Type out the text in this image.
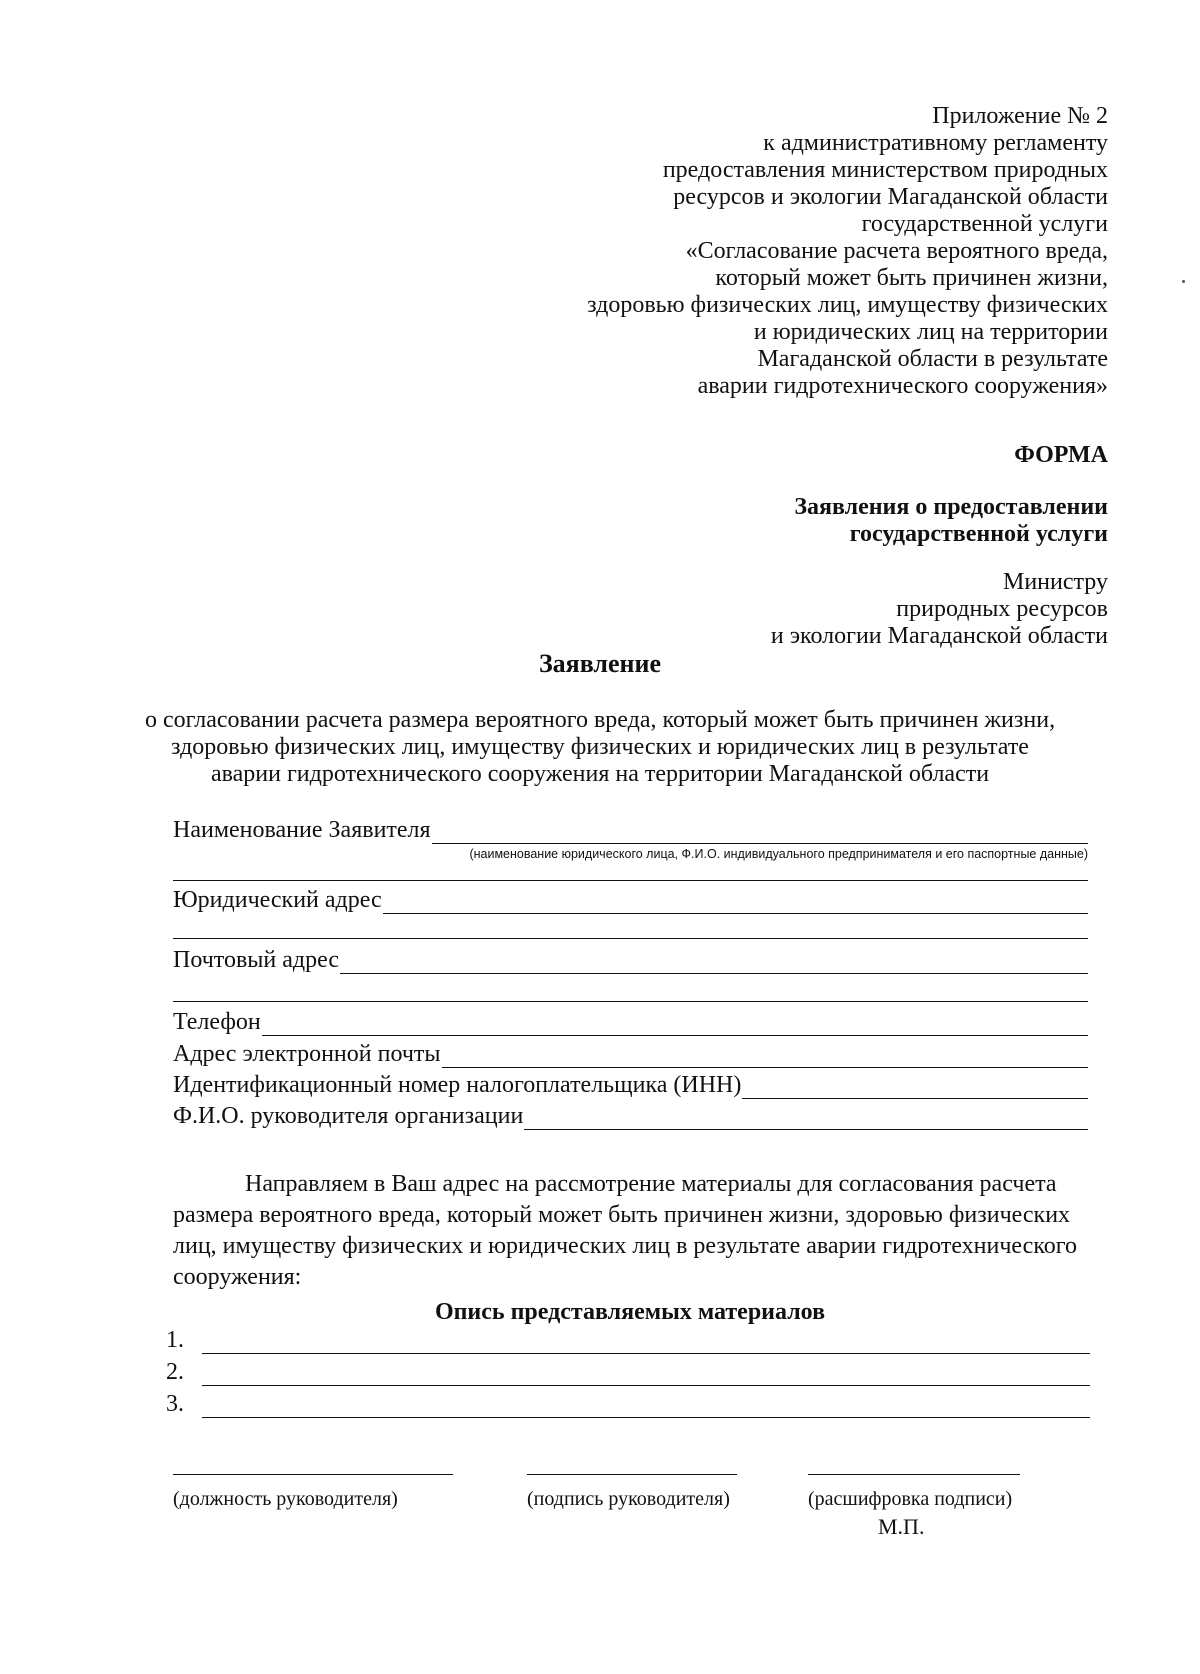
Приложение № 2
к административному регламенту
предоставления министерством природных
ресурсов и экологии Магаданской области
государственной услуги
«Согласование расчета вероятного вреда,
который может быть причинен жизни,
здоровью физических лиц, имуществу физических
и юридических лиц на территории
Магаданской области в результате
аварии гидротехнического сооружения»
ФОРМА
Заявления о предоставлении
государственной услуги
Министру
природных ресурсов
и экологии Магаданской области
Заявление
о согласовании расчета размера вероятного вреда, который может быть причинен жизни,
здоровью физических лиц, имуществу физических и юридических лиц в результате
аварии гидротехнического сооружения на территории Магаданской области
Наименование Заявителя
(наименование юридического лица, Ф.И.О. индивидуального предпринимателя и его паспортные данные)
Юридический адрес
Почтовый адрес
Телефон
Адрес электронной почты
Идентификационный номер налогоплательщика (ИНН)
Ф.И.О. руководителя организации
Направляем в Ваш адрес на рассмотрение материалы для согласования расчета
размера вероятного вреда, который может быть причинен жизни, здоровью физических
лиц, имуществу физических и юридических лиц в результате аварии гидротехнического
сооружения:
Опись представляемых материалов
1.
2.
3.
(должность руководителя)	(подпись руководителя)	(расшифровка подписи)
М.П.
